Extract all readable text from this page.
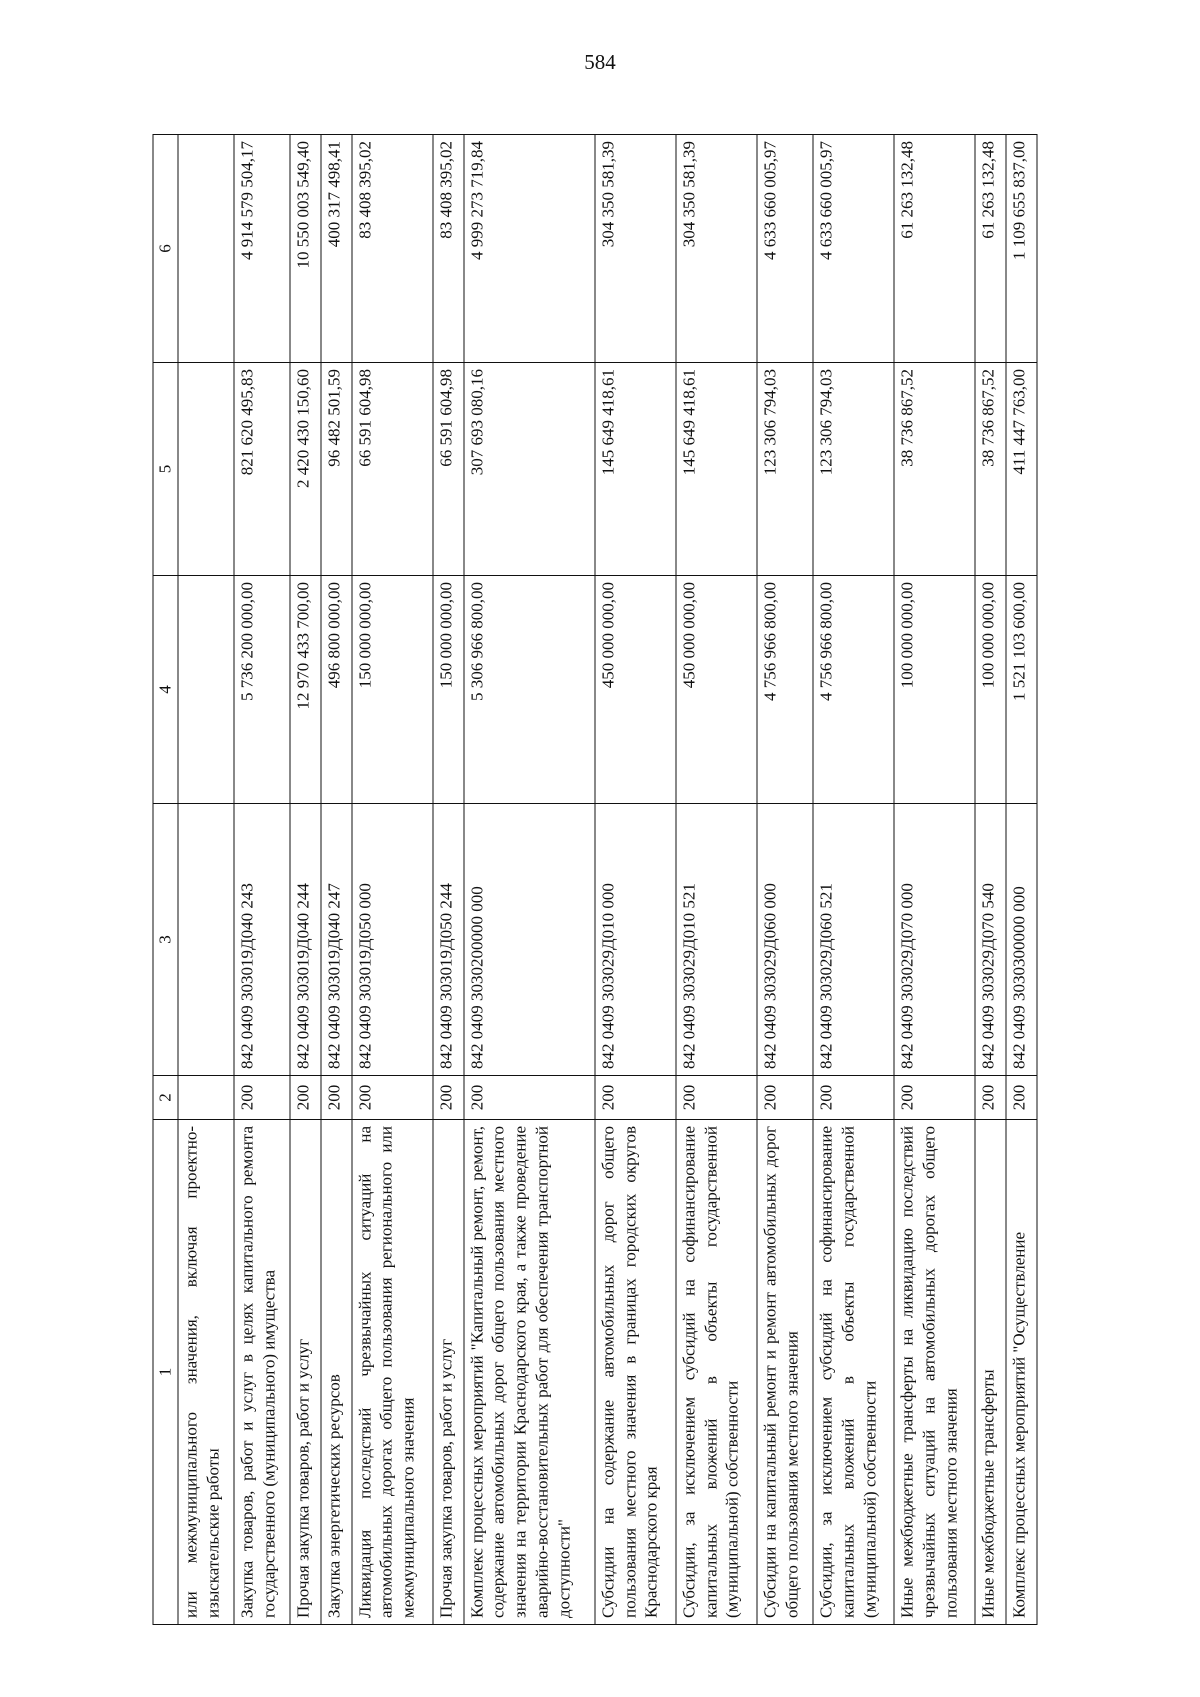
584
1	2	3	4	5	6
или межмуниципального значения, включая проектно-изыскательские работы					
Закупка товаров, работ и услуг в целях капитального ремонта государственного (муниципального) имущества	200	842 0409 303019Д040 243	5 736 200 000,00	821 620 495,83	4 914 579 504,17
Прочая закупка товаров, работ и услуг	200	842 0409 303019Д040 244	12 970 433 700,00	2 420 430 150,60	10 550 003 549,40
Закупка энергетических ресурсов	200	842 0409 303019Д040 247	496 800 000,00	96 482 501,59	400 317 498,41
Ликвидация последствий чрезвычайных ситуаций на автомобильных дорогах общего пользования регионального или межмуниципального значения	200	842 0409 303019Д050 000	150 000 000,00	66 591 604,98	83 408 395,02
Прочая закупка товаров, работ и услуг	200	842 0409 303019Д050 244	150 000 000,00	66 591 604,98	83 408 395,02
Комплекс процессных мероприятий "Капитальный ремонт, ремонт, содержание автомобильных дорог общего пользования местного значения на территории Краснодарского края, а также проведение аварийно-восстановительных работ для обеспечения транспортной доступности"	200	842 0409 3030200000 000	5 306 966 800,00	307 693 080,16	4 999 273 719,84
Субсидии на содержание автомобильных дорог общего пользования местного значения в границах городских округов Краснодарского края	200	842 0409 303029Д010 000	450 000 000,00	145 649 418,61	304 350 581,39
Субсидии, за исключением субсидий на софинансирование капитальных вложений в объекты государственной (муниципальной) собственности	200	842 0409 303029Д010 521	450 000 000,00	145 649 418,61	304 350 581,39
Субсидии на капитальный ремонт и ремонт автомобильных дорог общего пользования местного значения	200	842 0409 303029Д060 000	4 756 966 800,00	123 306 794,03	4 633 660 005,97
Субсидии, за исключением субсидий на софинансирование капитальных вложений в объекты государственной (муниципальной) собственности	200	842 0409 303029Д060 521	4 756 966 800,00	123 306 794,03	4 633 660 005,97
Иные межбюджетные трансферты на ликвидацию последствий чрезвычайных ситуаций на автомобильных дорогах общего пользования местного значения	200	842 0409 303029Д070 000	100 000 000,00	38 736 867,52	61 263 132,48
Иные межбюджетные трансферты	200	842 0409 303029Д070 540	100 000 000,00	38 736 867,52	61 263 132,48
Комплекс процессных мероприятий "Осуществление	200	842 0409 3030300000 000	1 521 103 600,00	411 447 763,00	1 109 655 837,00
